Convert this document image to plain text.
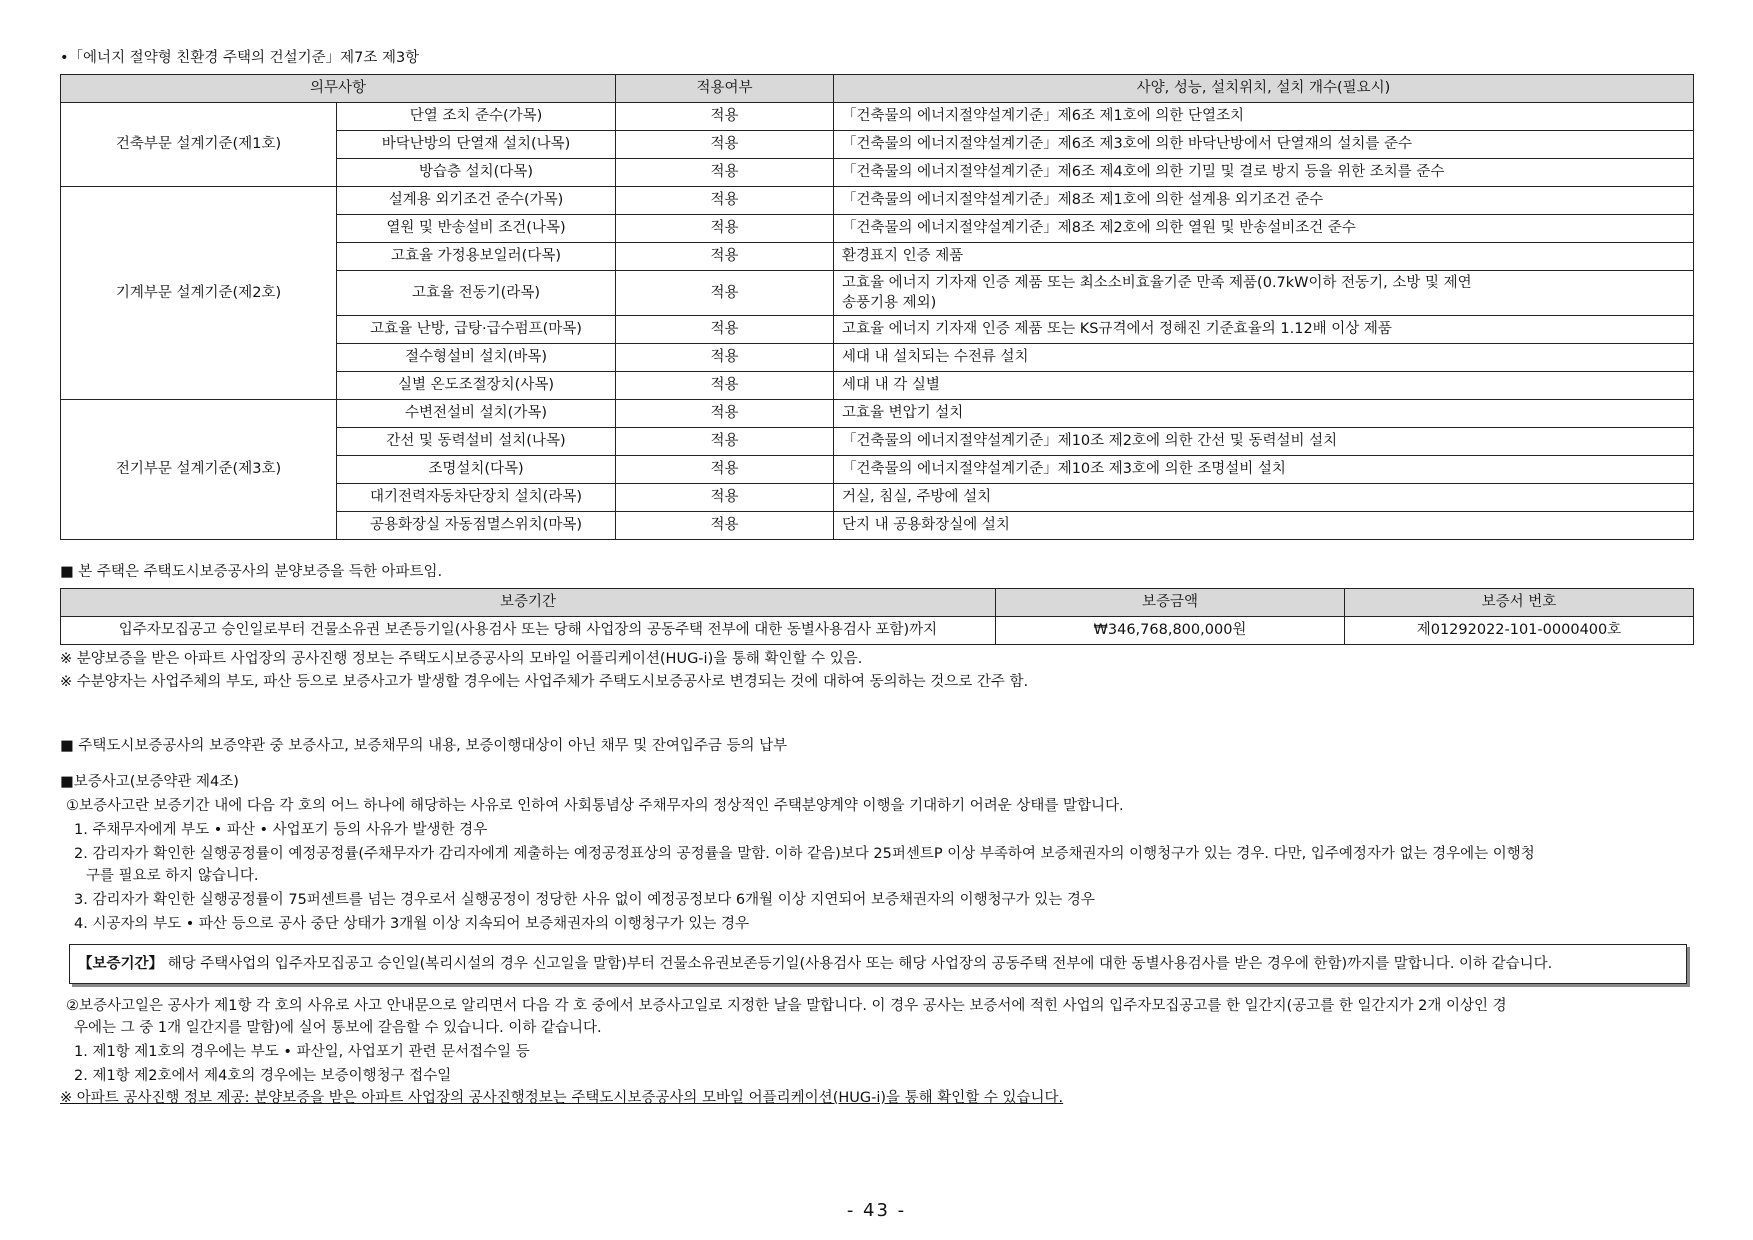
•「에너지 절약형 친환경 주택의 건설기준」제7조 제3항
의무사항		적용여부	사양, 성능, 설치위치, 설치 개수(필요시)
건축부문 설계기준(제1호)	단열 조치 준수(가목)	적용	「건축물의 에너지절약설계기준」제6조 제1호에 의한 단열조치
	바닥난방의 단열재 설치(나목)	적용	「건축물의 에너지절약설계기준」제6조 제3호에 의한 바닥난방에서 단열재의 설치를 준수
	방습층 설치(다목)	적용	「건축물의 에너지절약설계기준」제6조 제4호에 의한 기밀 및 결로 방지 등을 위한 조치를 준수
기계부문 설계기준(제2호)	설계용 외기조건 준수(가목)	적용	「건축물의 에너지절약설계기준」제8조 제1호에 의한 설계용 외기조건 준수
	열원 및 반송설비 조건(나목)	적용	「건축물의 에너지절약설계기준」제8조 제2호에 의한 열원 및 반송설비조건 준수
	고효율 가정용보일러(다목)	적용	환경표지 인증 제품
	고효율 전동기(라목)	적용	고효율 에너지 기자재 인증 제품 또는 최소소비효율기준 만족 제품(0.7kW이하 전동기, 소방 및 제연
송풍기용 제외)

	고효율 난방, 급탕·급수펌프(마목)	적용	고효율 에너지 기자재 인증 제품 또는 KS규격에서 정해진 기준효율의 1.12배 이상 제품
	절수형설비 설치(바목)	적용	세대 내 설치되는 수전류 설치
	실별 온도조절장치(사목)	적용	세대 내 각 실별
전기부문 설계기준(제3호)	수변전설비 설치(가목)	적용	고효율 변압기 설치
	간선 및 동력설비 설치(나목)	적용	「건축물의 에너지절약설계기준」제10조 제2호에 의한 간선 및 동력설비 설치
	조명설치(다목)	적용	「건축물의 에너지절약설계기준」제10조 제3호에 의한 조명설비 설치
	대기전력자동차단장치 설치(라목)	적용	거실, 침실, 주방에 설치
	공용화장실 자동점멸스위치(마목)	적용	단지 내 공용화장실에 설치
■ 본 주택은 주택도시보증공사의 분양보증을 득한 아파트임.
보증기간	보증금액	보증서 번호
입주자모집공고 승인일로부터 건물소유권 보존등기일(사용검사 또는 당해 사업장의 공동주택 전부에 대한 동별사용검사 포함)까지	₩346,768,800,000원	제01292022-101-0000400호
※ 분양보증을 받은 아파트 사업장의 공사진행 정보는 주택도시보증공사의 모바일 어플리케이션(HUG-i)을 통해 확인할 수 있음.
※ 수분양자는 사업주체의 부도, 파산 등으로 보증사고가 발생할 경우에는 사업주체가 주택도시보증공사로 변경되는 것에 대하여 동의하는 것으로 간주 함.
■ 주택도시보증공사의 보증약관 중 보증사고, 보증채무의 내용, 보증이행대상이 아닌 채무 및 잔여입주금 등의 납부
■보증사고(보증약관 제4조)
①보증사고란 보증기간 내에 다음 각 호의 어느 하나에 해당하는 사유로 인하여 사회통념상 주채무자의 정상적인 주택분양계약 이행을 기대하기 어려운 상태를 말합니다.
1. 주채무자에게 부도 • 파산 • 사업포기 등의 사유가 발생한 경우
2. 감리자가 확인한 실행공정률이 예정공정률(주채무자가 감리자에게 제출하는 예정공정표상의 공정률을 말함. 이하 같음)보다 25퍼센트P 이상 부족하여 보증채권자의 이행청구가 있는 경우. 다만, 입주예정자가 없는 경우에는 이행청
구를 필요로 하지 않습니다.
3. 감리자가 확인한 실행공정률이 75퍼센트를 넘는 경우로서 실행공정이 정당한 사유 없이 예정공정보다 6개월 이상 지연되어 보증채권자의 이행청구가 있는 경우
4. 시공자의 부도 • 파산 등으로 공사 중단 상태가 3개월 이상 지속되어 보증채권자의 이행청구가 있는 경우
【보증기간】 해당 주택사업의 입주자모집공고 승인일(복리시설의 경우 신고일을 말함)부터 건물소유권보존등기일(사용검사 또는 해당 사업장의 공동주택 전부에 대한 동별사용검사를 받은 경우에 한함)까지를 말합니다. 이하 같습니다.
②보증사고일은 공사가 제1항 각 호의 사유로 사고 안내문으로 알리면서 다음 각 호 중에서 보증사고일로 지정한 날을 말합니다. 이 경우 공사는 보증서에 적힌 사업의 입주자모집공고를 한 일간지(공고를 한 일간지가 2개 이상인 경
우에는 그 중 1개 일간지를 말함)에 실어 통보에 갈음할 수 있습니다. 이하 같습니다.
1. 제1항 제1호의 경우에는 부도 • 파산일, 사업포기 관련 문서접수일 등
2. 제1항 제2호에서 제4호의 경우에는 보증이행청구 접수일
※ 아파트 공사진행 정보 제공: 분양보증을 받은 아파트 사업장의 공사진행정보는 주택도시보증공사의 모바일 어플리케이션(HUG-i)을 통해 확인할 수 있습니다.
- 43 -
